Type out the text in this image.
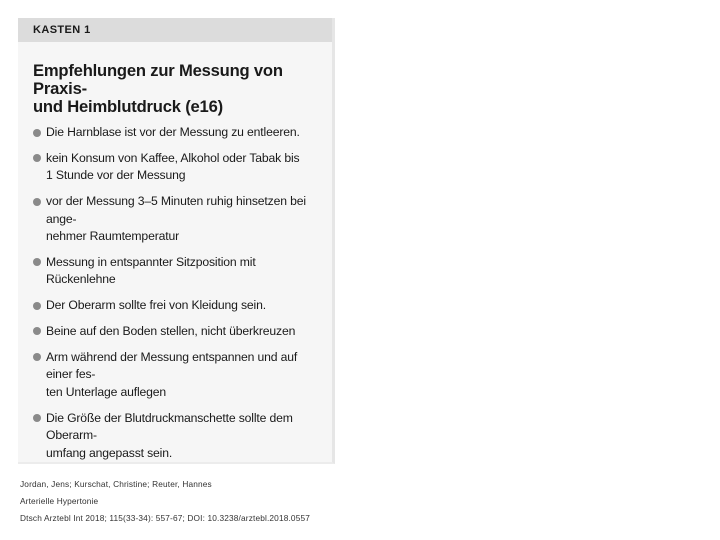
KASTEN 1
Empfehlungen zur Messung von Praxis-
und Heimblutdruck (e16)
Die Harnblase ist vor der Messung zu entleeren.
kein Konsum von Kaffee, Alkohol oder Tabak bis
1 Stunde vor der Messung
vor der Messung 3–5 Minuten ruhig hinsetzen bei ange-
nehmer Raumtemperatur
Messung in entspannter Sitzposition mit Rückenlehne
Der Oberarm sollte frei von Kleidung sein.
Beine auf den Boden stellen, nicht überkreuzen
Arm während der Messung entspannen und auf einer fes-
ten Unterlage auflegen
Die Größe der Blutdruckmanschette sollte dem Oberarm-
umfang angepasst sein.
Jordan, Jens; Kurschat, Christine; Reuter, Hannes
Arterielle Hypertonie
Dtsch Arztebl Int 2018; 115(33-34): 557-67; DOI: 10.3238/arztebl.2018.0557
